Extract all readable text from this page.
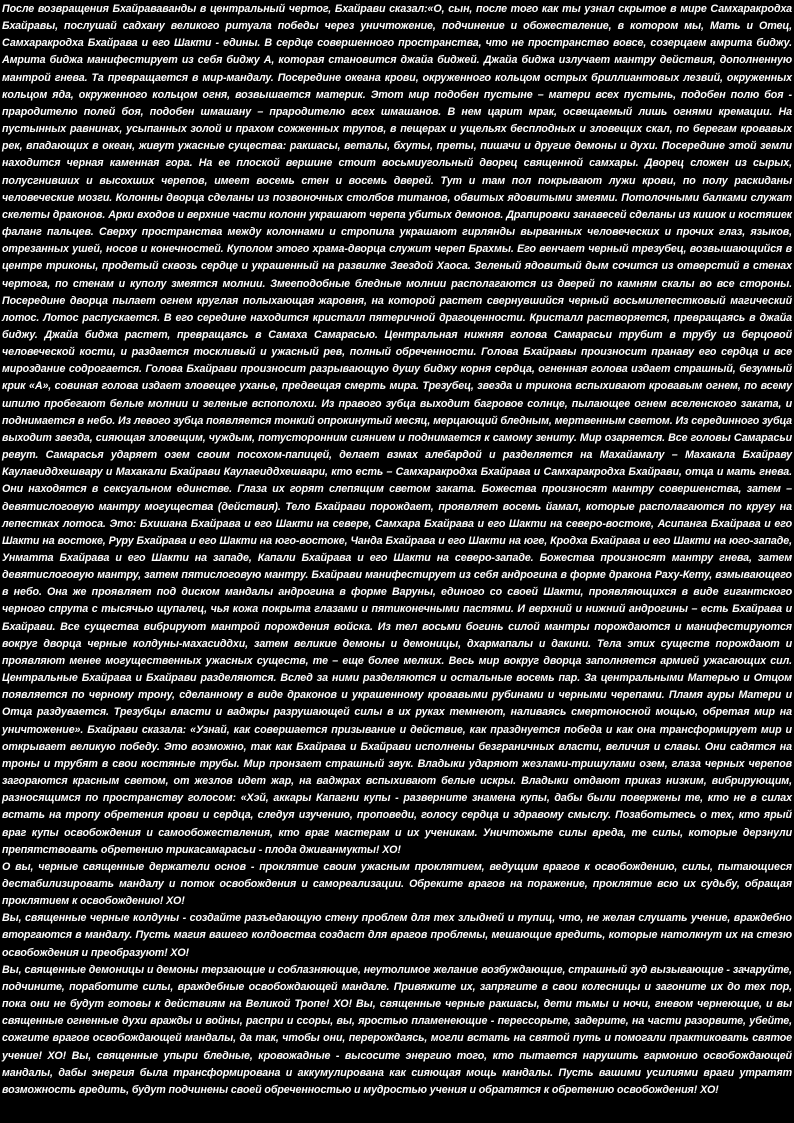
После возвращения Бхайрававанды в центральный чертог, Бхайрави сказал:«О, сын, после того как ты узнал скрытое в мире Самхаракродха Бхайравы, послушай садхану великого ритуала победы через уничтожение, подчинение и обожествление, в котором мы, Мать и Отец, Самхаракродха Бхайрава и его Шакти - едины. В сердце совершенного пространства, что не пространство вовсе, созерцаем амрита биджу. Амрита биджа манифестирует из себя биджу А, которая становится джайа биджей. Джайа биджа излучает мантру действия, дополненную мантрой гнева. Та превращается в мир-мандалу. Посередине океана крови, окруженного кольцом острых бриллиантовых лезвий, окруженных кольцом яда, окруженного кольцом огня, возвышается материк. Этот мир подобен пустыне – матери всех пустынь, подобен полю боя - прародителю полей боя, подобен шмашану – прародителю всех шмашанов. В нем царит мрак, освещаемый лишь огнями кремации. На пустынных равнинах, усыпанных золой и прахом сожженных трупов, в пещерах и ущельях бесплодных и зловещих скал, по берегам кровавых рек, впадающих в океан, живут ужасные существа: ракшасы, веталы, бхуты, преты, пишачи и другие демоны и духи. Посередине этой земли находится черная каменная гора. На ее плоской вершине стоит восьмиугольный дворец священной самхары. Дворец сложен из сырых, полусгнивших и высохших черепов, имеет восемь стен и восемь дверей. Тут и там пол покрывают лужи крови, по полу раскиданы человеческие мозги. Колонны дворца сделаны из позвоночных столбов титанов, обвитых ядовитыми змеями. Потолочными балками служат скелеты драконов. Арки входов и верхние части колонн украшают черепа убитых демонов. Драпировки занавесей сделаны из кишок и костяшек фаланг пальцев. Сверху пространства между колоннами и стропила украшают гирлянды вырванных человеческих и прочих глаз, языков, отрезанных ушей, носов и конечностей. Куполом этого храма-дворца служит череп Брахмы. Его венчает черный трезубец, возвышающийся в центре триконы, продетый сквозь сердце и украшенный на развилке Звездой Хаоса. Зеленый ядовитый дым сочится из отверстий в стенах чертога, по стенам и куполу змеятся молнии. Змееподобные бледные молнии располагаются из дверей по камням скалы во все стороны. Посередине дворца пылает огнем круглая полыхающая жаровня, на которой растет свернувшийся черный восьмилепестковый магический лотос. Лотос распускается. В его середине находится кристалл пятеричной драгоценности. Кристалл растворяется, превращаясь в джайа биджу. Джайа биджа растет, превращаясь в Самаха Самарасью. Центральная нижняя голова Самарасьи трубит в трубу из берцовой человеческой кости, и раздается тоскливый и ужасный рев, полный обреченности. Голова Бхайравы произносит пранаву его сердца и все мироздание содрогается. Голова Бхайрави произносит разрывающую душу биджу корня сердца, огненная голова издает страшный, безумный крик «А», совиная голова издает зловещее уханье, предвещая смерть мира. Трезубец, звезда и трикона вспыхивают кровавым огнем, по всему шпилю пробегают белые молнии и зеленые вспополохи. Из правого зубца выходит багровое солнце, пылающее огнем вселенского заката, и поднимается в небо. Из левого зубца появляется тонкий опрокинутый месяц, мерцающий бледным, мертвенным светом. Из серединного зубца выходит звезда, сияющая зловещим, чуждым, потусторонним сиянием и поднимается к самому зениту. Мир озаряется. Все головы Самарасьи ревут. Самарасья ударяет озем своим посохом-папицей, делает взмах алебардой и разделяется на Махайамалу – Махакала Бхайраву Каулаеиддхешвару и Махакали Бхайрави Каулаеиддхешвари, кто есть – Самхаракродха Бхайрава и Самхаракродха Бхайрави, отца и мать гнева. Они находятся в сексуальном единстве. Глаза их горят слепящим светом заката. Божества произносят мантру совершенства, затем – девятислоговую мантру могущества (действия). Тело Бхайрави порождает, проявляет восемь йамал, которые располагаются по кругу на лепестках лотоса. Это: Бхишана Бхайрава и его Шакти на севере, Самхара Бхайрава и его Шакти на северо-востоке, Асипанга Бхайрава и его Шакти на востоке, Руру Бхайрава и его Шакти на юго-востоке, Чанда Бхайрава и его Шакти на юге, Кродха Бхайрава и его Шакти на юго-западе, Унматта Бхайрава и его Шакти на западе, Капали Бхайрава и его Шакти на северо-западе. Божества произносят мантру гнева, затем девятислоговую мантру, затем пятислоговую мантру. Бхайрави манифестирует из себя андрогина в форме дракона Раху-Кету, взмывающего в небо. Она же проявляет под диском мандалы андрогина в форме Варуны, единого со своей Шакти, проявляющихся в виде гигантского черного спрута с тысячью щупалец, чья кожа покрыта глазами и пятиконечными пастями. И верхний и нижний андрогины – есть Бхайрава и Бхайрави. Все существа вибрируют мантрой порождения войска. Из тел восьми богинь силой мантры порождаются и манифестируются вокруг дворца черные колдуны-махасиддхи, затем великие демоны и демоницы, дхармапалы и дакини. Тела этих существ порождают и проявляют менее могущественных ужасных существ, те – еще более мелких. Весь мир вокруг дворца заполняется армией ужасающих сил. Центральные Бхайрава и Бхайрави разделяются. Вслед за ними разделяются и остальные восемь пар. За центральными Матерью и Отцом появляется по черному трону, сделанному в виде драконов и украшенному кровавыми рубинами и черными черепами. Пламя ауры Матери и Отца раздувается. Трезубцы власти и ваджры разрушающей силы в их руках темнеют, наливаясь смертоносной мощью, обретая мир на уничтожение». Бхайрави сказала: «Узнай, как совершается призывание и действие, как празднуется победа и как она трансформирует мир и открывает великую победу. Это возможно, так как Бхайрава и Бхайрави исполнены безграничных власти, величия и славы. Они садятся на троны и трубят в свои костяные трубы. Мир пронзает страшный звук. Владыки ударяют жезлами-тришулами озем, глаза черных черепов загораются красным светом, от жезлов идет жар, на ваджрах вспыхивают белые искры. Владыки отдают приказ низким, вибрирующим, разносящимся по пространству голосом: «Хэй, аккары Капагни купы - разверните знамена купы, дабы были повержены те, кто не в силах встать на тропу обретения крови и сердца, следуя изучению, проповеди, голосу сердца и здравому смыслу. Позаботьтесь о тех, кто ярый враг купы освобождения и самообожествления, кто враг мастерам и их ученикам. Уничтожьте силы вреда, те силы, которые дерзнули препятствовать обретению трикасамарасьи - плода дживанмукты! ХО!

О вы, черные священные держатели основ - проклятие своим ужасным проклятием, ведущим врагов к освобождению, силы, пытающиеся дестабилизировать мандалу и поток освобождения и самореализации. Обреките врагов на поражение, проклятие всю их судьбу, обращая проклятием к освобождению! ХО!

Вы, священные черные колдуны - создайте разъедающую стену проблем для тех злыдней и тупиц, что, не желая слушать учение, враждебно вторгаются в мандалу. Пусть магия вашего колдовства создаст для врагов проблемы, мешающие вредить, которые натолкнут их на стезю освобождения и преобразуют! ХО!

Вы, священные демоницы и демоны терзающие и соблазняющие, неутолимое желание возбуждающие, страшный зуд вызывающие - зачаруйте, подчините, поработите силы, враждебные освобождающей мандале. Привяжите их, запрягите в свои колесницы и загоните их до тех пор, пока они не будут готовы к действиям на Великой Тропе! ХО! Вы, священные черные ракшасы, дети тьмы и ночи, гневом чернеющие, и вы священные огненные духи вражды и войны, распри и ссоры, вы, яростью пламенеющие - перессорьте, задерите, на части разорвите, убейте, сожгите врагов освобождающей мандалы, да так, чтобы они, перерождаясь, могли встать на святой путь и помогали практиковать святое учение! ХО! Вы, священные упыри бледные, кровожадные - высосите энергию того, кто пытается нарушить гармонию освобождающей мандалы, дабы энергия была трансформирована и аккумулирована как сияющая мощь мандалы. Пусть вашими усилиями враги утратят возможность вредить, будут подчинены своей обреченностью и мудростью учения и обратятся к обретению освобождения! ХО!
